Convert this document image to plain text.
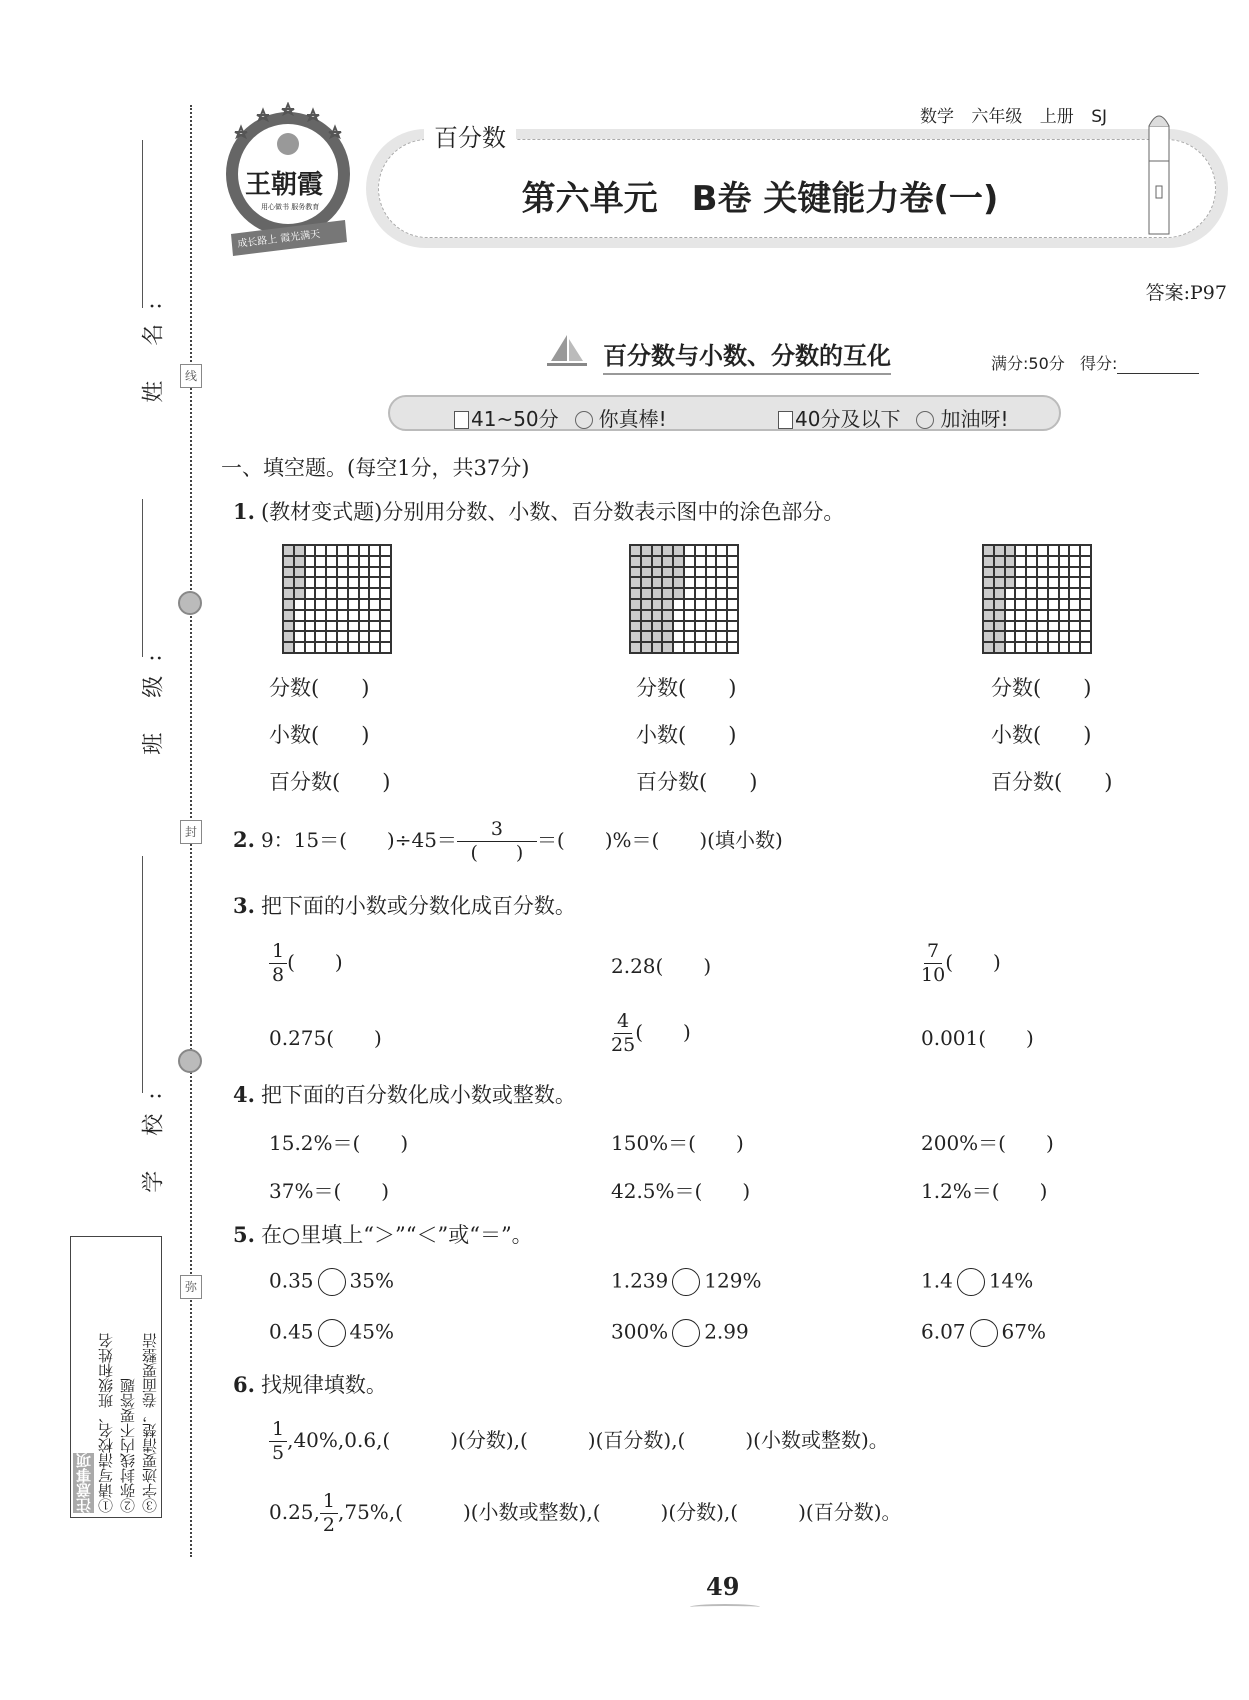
线
封
弥
姓 名:
班 级:
学 校:
注意事项 ①请写清校名、班级和姓名 ②弥封线内不要答题 ③字迹要清楚，卷面要整洁
王朝霞
用心做书 服务教育
成长路上 霞光满天
百分数
第六单元　B卷 关键能力卷(一)
数学 六年级 上册 SJ
答案:P97
百分数与小数、分数的互化	满分:50分 得分:
41~50分 你真棒!	40分及以下 加油呀!
一、填空题。(每空1分，共37分)
1. (教材变式题)分别用分数、小数、百分数表示图中的涂色部分。
分数(　　)
小数(　　)
百分数(　　)
分数(　　)
小数(　　)
百分数(　　)
分数(　　)
小数(　　)
百分数(　　)
2. 9：15＝(　　)$\div 45= \frac{3}{( )}$ ＝(　　)%＝(　　)(填小数)
3. 把下面的小数或分数化成百分数。
$\frac{1}{8}$ (　　)	2.28(　　)	$\frac{7}{10}$ (　　)
0.275(　　)	$\frac{4}{25}$ (　　)	0.001(　　)
4. 把下面的百分数化成小数或整数。
15.2%＝(　　)	150%＝(　　)	200%＝(　　)
37%＝(　　)	42.5%＝(　　)	1.2%＝(　　)
5. 在○里填上“＞”“＜”或“＝”。
0.35 35%	1.239 129%	1.4 14%
0.45 45%	300% 2.99	6.07 67%
6. 找规律填数。
$\frac{1}{5} ,40\%,0.6$,(　　　)(分数),(　　　)(百分数),(　　　)(小数或整数)。
0.25, $\frac{1}{2} ,75\%$,(　　　)(小数或整数),(　　　)(分数),(　　　)(百分数)。
49
